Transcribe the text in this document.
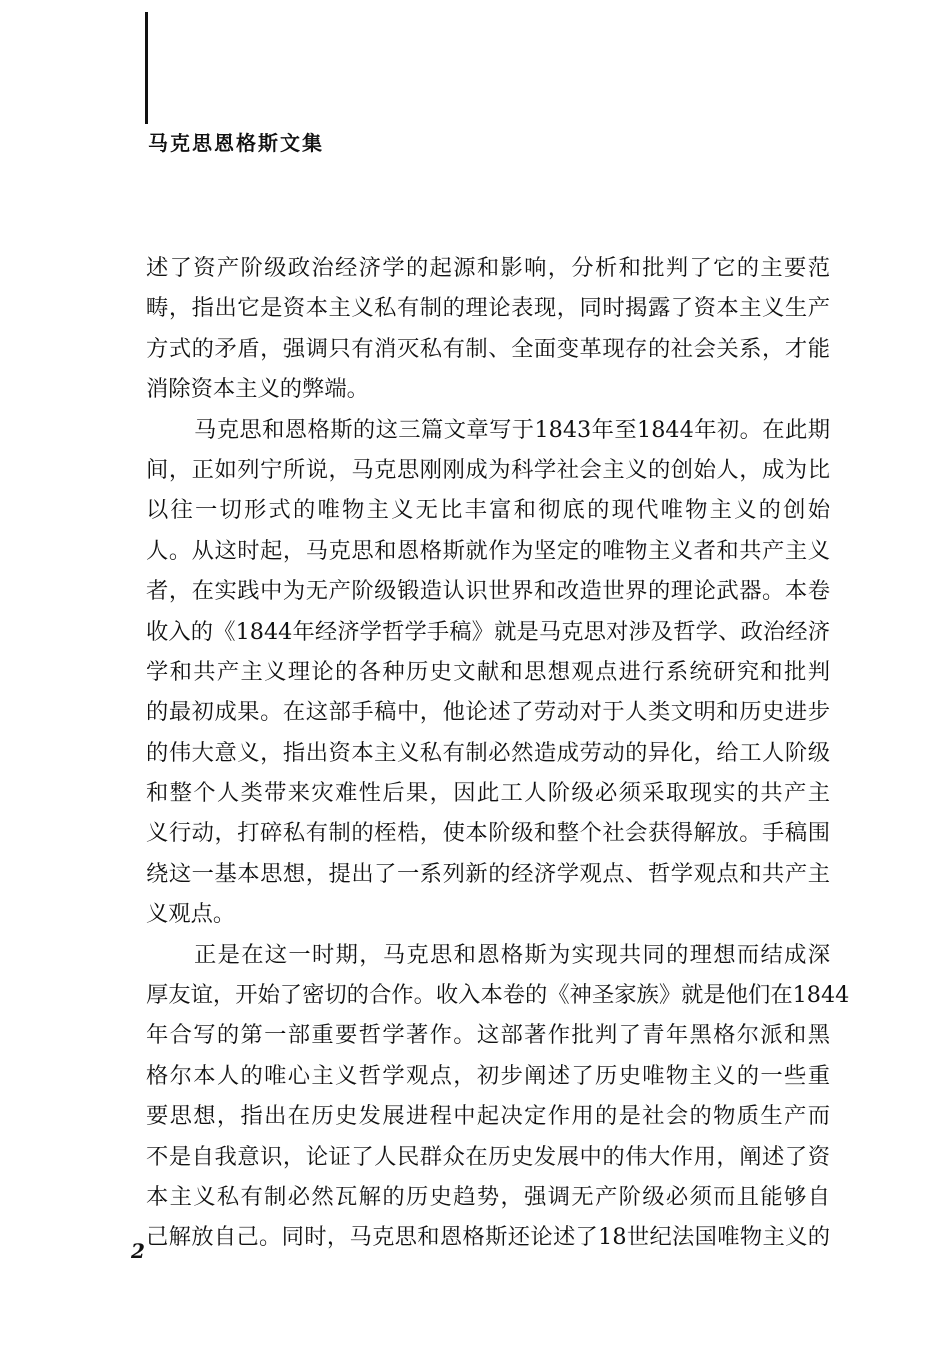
马克思恩格斯文集
述了资产阶级政治经济学的起源和影响，分析和批判了它的主要范
畴，指出它是资本主义私有制的理论表现，同时揭露了资本主义生产
方式的矛盾，强调只有消灭私有制、全面变革现存的社会关系，才能
消除资本主义的弊端。
马克思和恩格斯的这三篇文章写于1843年至1844年初。在此期
间，正如列宁所说，马克思刚刚成为科学社会主义的创始人，成为比
以往一切形式的唯物主义无比丰富和彻底的现代唯物主义的创始
人。从这时起，马克思和恩格斯就作为坚定的唯物主义者和共产主义
者，在实践中为无产阶级锻造认识世界和改造世界的理论武器。本卷
收入的《1844年经济学哲学手稿》就是马克思对涉及哲学、政治经济
学和共产主义理论的各种历史文献和思想观点进行系统研究和批判
的最初成果。在这部手稿中，他论述了劳动对于人类文明和历史进步
的伟大意义，指出资本主义私有制必然造成劳动的异化，给工人阶级
和整个人类带来灾难性后果，因此工人阶级必须采取现实的共产主
义行动，打碎私有制的桎梏，使本阶级和整个社会获得解放。手稿围
绕这一基本思想，提出了一系列新的经济学观点、哲学观点和共产主
义观点。
正是在这一时期，马克思和恩格斯为实现共同的理想而结成深
厚友谊，开始了密切的合作。收入本卷的《神圣家族》就是他们在1844
年合写的第一部重要哲学著作。这部著作批判了青年黑格尔派和黑
格尔本人的唯心主义哲学观点，初步阐述了历史唯物主义的一些重
要思想，指出在历史发展进程中起决定作用的是社会的物质生产而
不是自我意识，论证了人民群众在历史发展中的伟大作用，阐述了资
本主义私有制必然瓦解的历史趋势，强调无产阶级必须而且能够自
己解放自己。同时，马克思和恩格斯还论述了18世纪法国唯物主义的
2
